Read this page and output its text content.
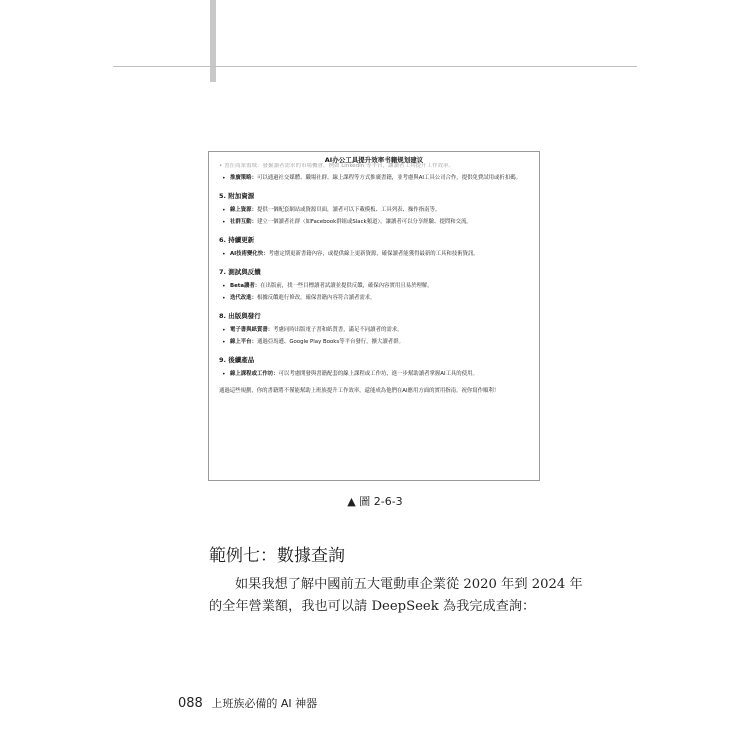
AI办公工具提升效率书籍规划建议
• 書在商業領域：發掘讀者需求的市場機會，例如 LinkedIn 等平台，讓讀者工具提升工作效率。
• 推廣策略：可以通過社交媒體、職場社群、線上課程等方式推廣書籍，並考慮與AI工具公司合作，提供免費試用或折扣碼。
5. 附加資源
• 線上資源：提供一個配套網站或資源頁面，讀者可以下載模板、工具列表、操作指南等。
• 社群互動：建立一個讀者社群（如Facebook群組或Slack頻道），讓讀者可以分享經驗、提問和交流。
6. 持續更新
• AI技術變化快：考慮定期更新書籍內容，或提供線上更新資源，確保讀者能獲得最新的工具和技術資訊。
7. 測試與反饋
• Beta讀者：在出版前，找一些目標讀者試讀並提供反饋，確保內容實用且易於理解。
• 迭代改進：根據反饋進行修改，確保書籍內容符合讀者需求。
8. 出版與發行
• 電子書與紙質書：考慮同時出版電子書和紙質書，滿足不同讀者的需求。
• 線上平台：通過亞馬遜、Google Play Books等平台發行，擴大讀者群。
9. 後續產品
• 線上課程或工作坊：可以考慮開發與書籍配套的線上課程或工作坊，進一步幫助讀者掌握AI工具的使用。
通過這些規劃，你的書籍將不僅能幫助上班族提升工作效率，還能成為他們在AI應用方面的實用指南。祝你寫作順利！
▲ 圖 2-6-3
範例七：數據查詢
如果我想了解中國前五大電動車企業從 2020 年到 2024 年
的全年營業額，我也可以請 DeepSeek 為我完成查詢：
088 上班族必備的 AI 神器
